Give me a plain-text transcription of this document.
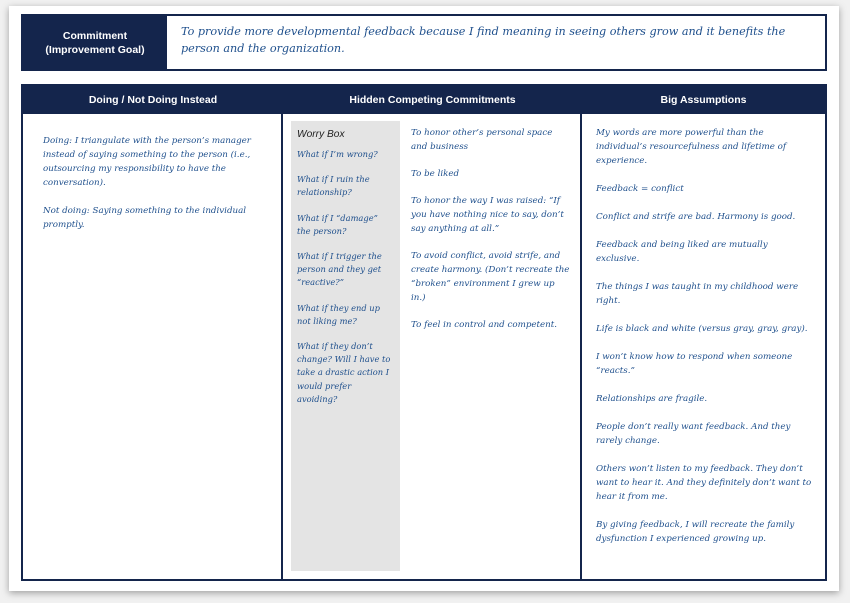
Commitment
(Improvement Goal)
To provide more developmental feedback because I find meaning in seeing others grow and it benefits the person and the organization.
Doing / Not Doing Instead	Hidden Competing Commitments	Big Assumptions

Doing: I triangulate with the person’s manager instead of saying something to the person (i.e., outsourcing my responsibility to have the conversation).

Not doing: Saying something to the individual promptly.

Worry Box

What if I’m wrong?

What if I ruin the relationship?

What if I “damage” the person?

What if I trigger the person and they get “reactive?”

What if they end up not liking me?

What if they don’t change? Will I have to take a drastic action I would prefer avoiding?

To honor other’s personal space and business

To be liked

To honor the way I was raised: “If you have nothing nice to say, don’t say anything at all.”

To avoid conflict, avoid strife, and create harmony. (Don’t recreate the “broken” environment I grew up in.)

To feel in control and competent.

My words are more powerful than the individual’s resourcefulness and lifetime of experience.

Feedback = conflict

Conflict and strife are bad. Harmony is good.

Feedback and being liked are mutually exclusive.

The things I was taught in my childhood were right.

Life is black and white (versus gray, gray, gray).

I won’t know how to respond when someone “reacts.”

Relationships are fragile.

People don’t really want feedback. And they rarely change.

Others won’t listen to my feedback. They don’t want to hear it. And they definitely don’t want to hear it from me.

By giving feedback, I will recreate the family dysfunction I experienced growing up.
